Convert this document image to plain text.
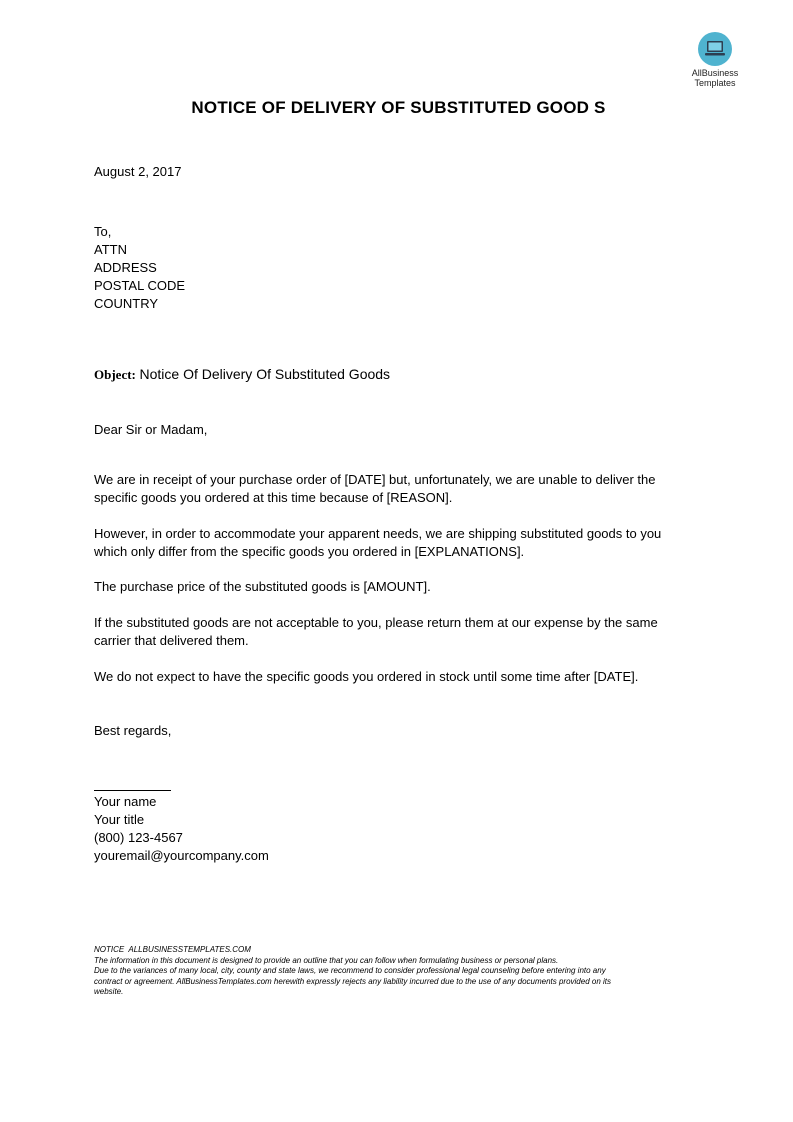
AllBusiness
Templates
NOTICE OF DELIVERY OF SUBSTITUTED GOOD S
August 2, 2017
To,
ATTN
ADDRESS
POSTAL CODE
COUNTRY
Object: Notice Of Delivery Of Substituted Goods
Dear Sir or Madam,
We are in receipt of your purchase order of [DATE] but, unfortunately, we are unable to deliver the
specific goods you ordered at this time because of [REASON].
However, in order to accommodate your apparent needs, we are shipping substituted goods to you
which only differ from the specific goods you ordered in [EXPLANATIONS].
The purchase price of the substituted goods is [AMOUNT].
If the substituted goods are not acceptable to you, please return them at our expense by the same
carrier that delivered them.
We do not expect to have the specific goods you ordered in stock until some time after [DATE].
Best regards,
Your name
Your title
(800) 123-4567
youremail@yourcompany.com
NOTICE  ALLBUSINESSTEMPLATES.COM
The information in this document is designed to provide an outline that you can follow when formulating business or personal plans.
Due to the variances of many local, city, county and state laws, we recommend to consider professional legal counseling before entering into any
contract or agreement. AllBusinessTemplates.com herewith expressly rejects any liability incurred due to the use of any documents provided on its
website.
